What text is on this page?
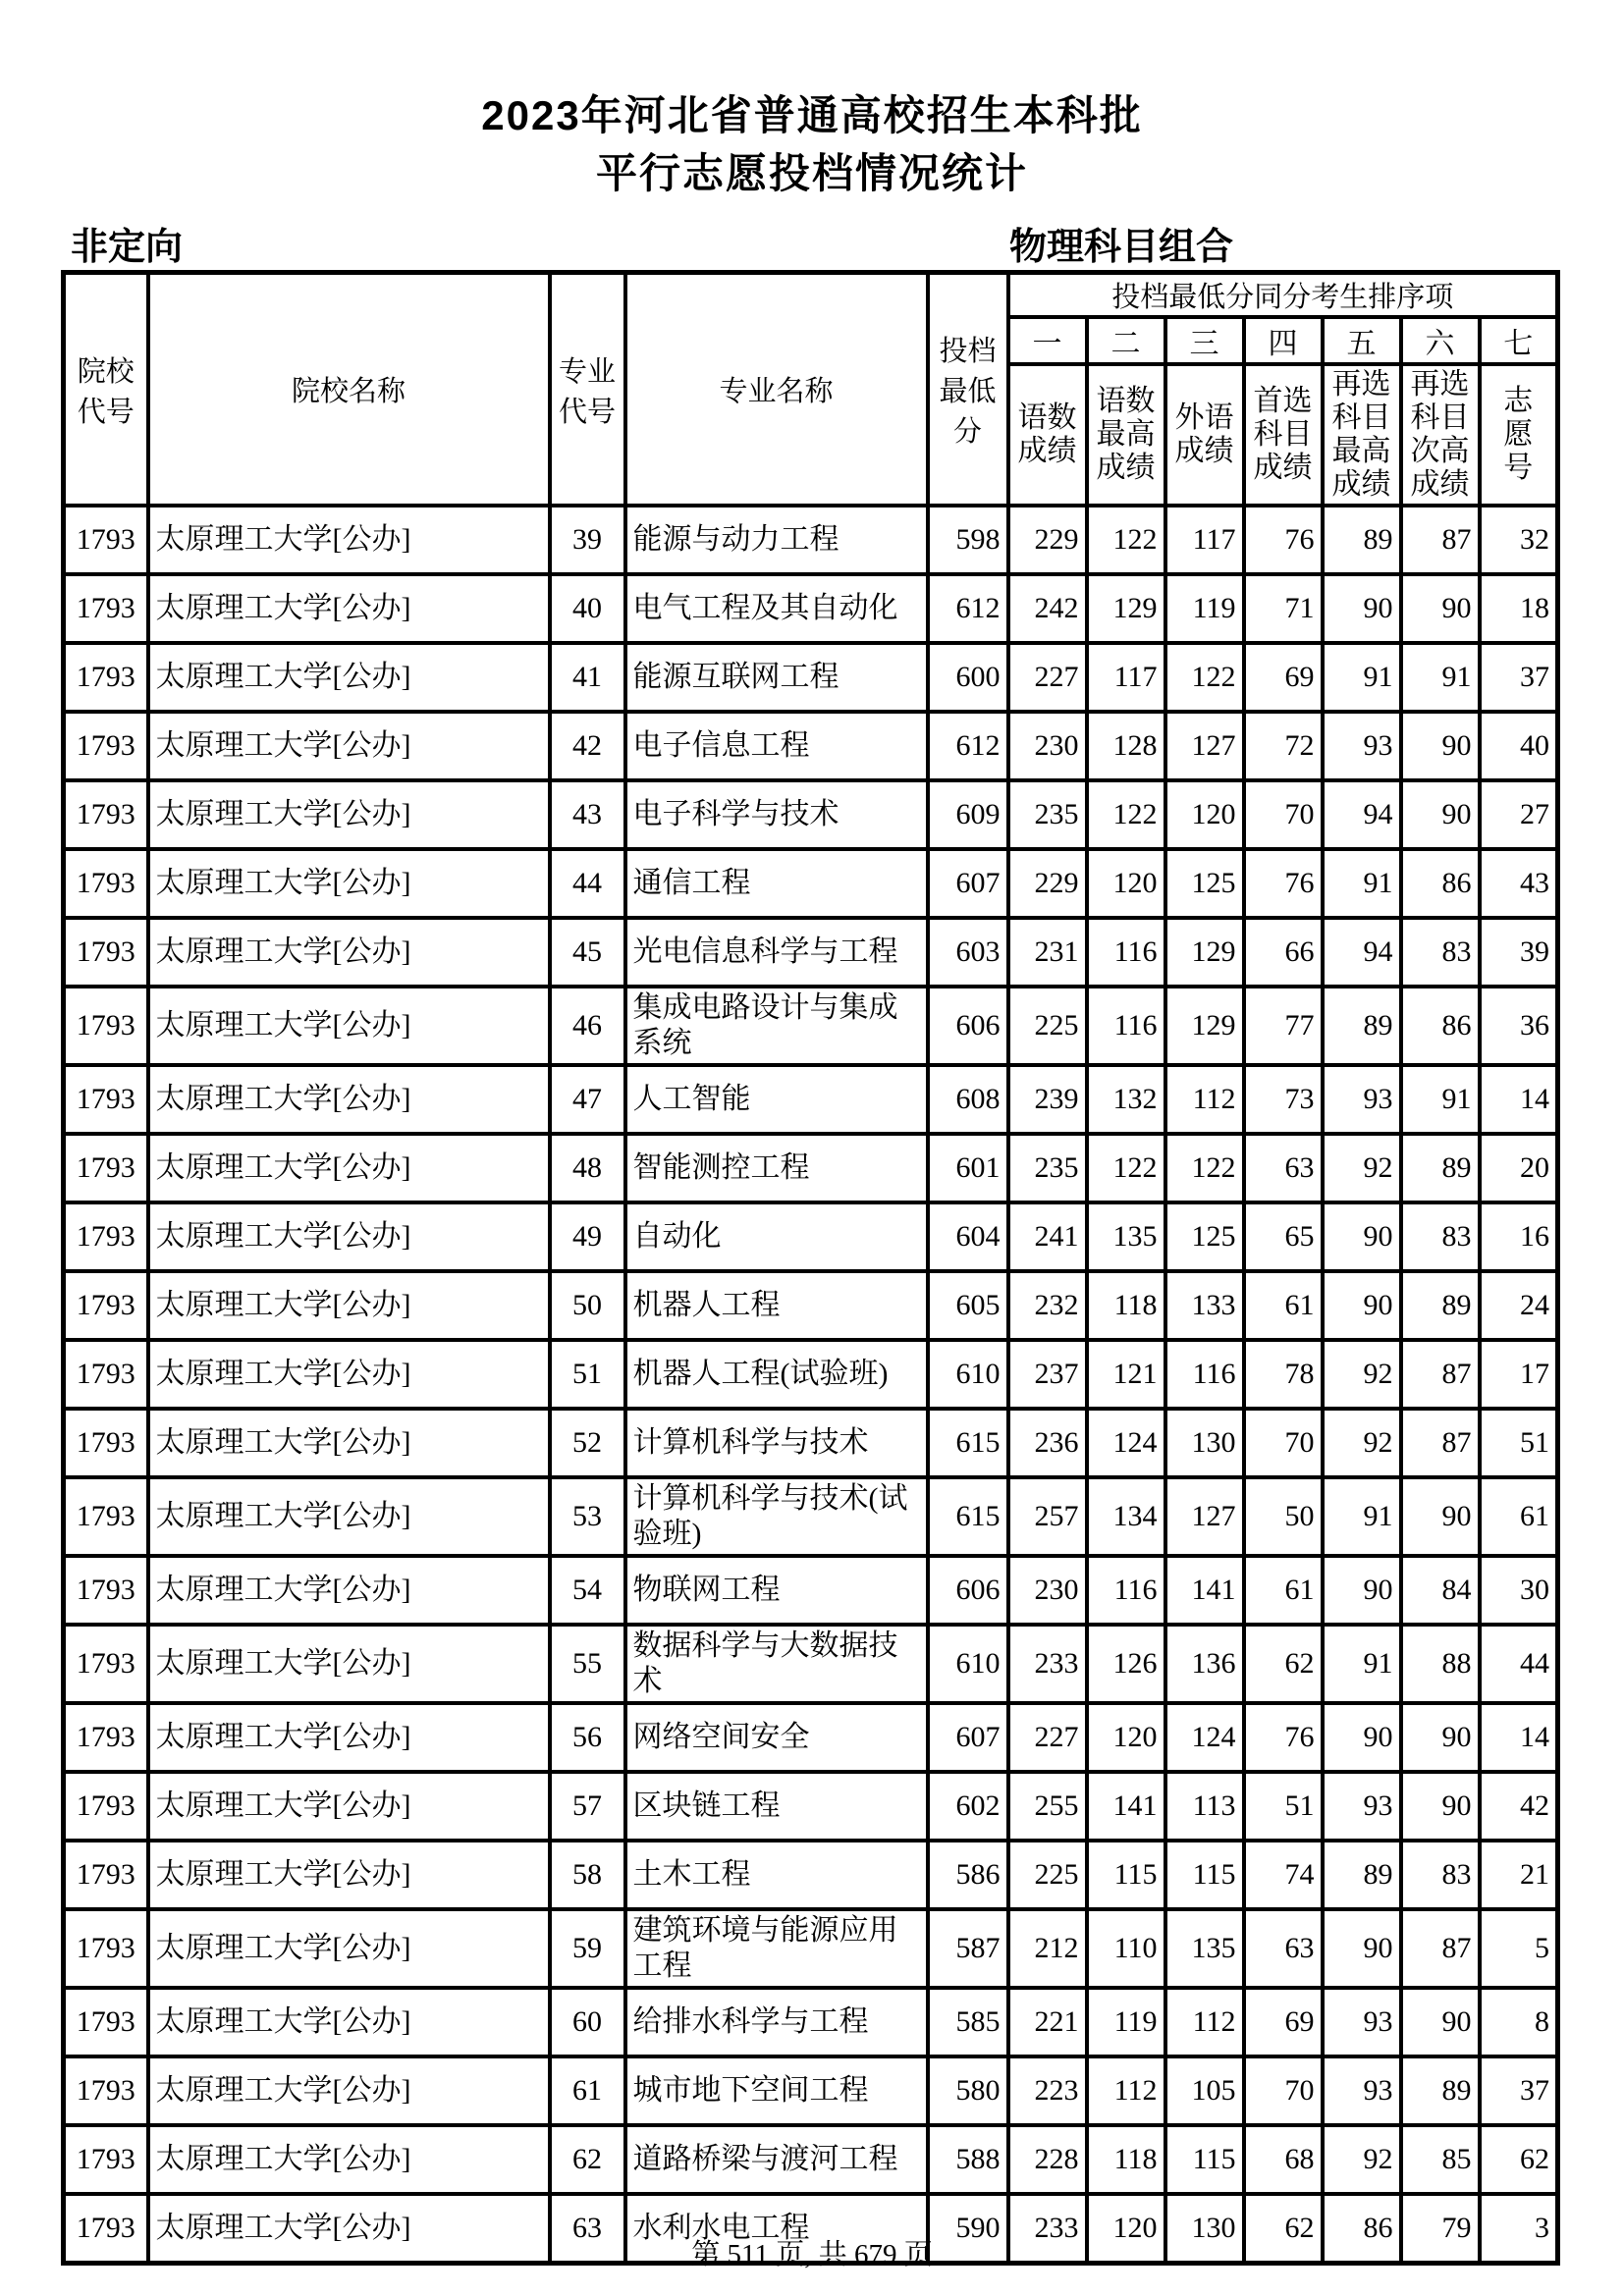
2023年河北省普通高校招生本科批
平行志愿投档情况统计
非定向	物理科目组合
院校代号	院校名称	专业代号	专业名称	投档最低分	投档最低分同分考生排序项						
					一	二	三	四	五	六	七
					语数成绩	语数最高成绩	外语成绩	首选科目成绩	再选科目最高成绩	再选科目次高成绩	志愿号
1793	太原理工大学[公办]	39	能源与动力工程	598	229	122	117	76	89	87	32
1793	太原理工大学[公办]	40	电气工程及其自动化	612	242	129	119	71	90	90	18
1793	太原理工大学[公办]	41	能源互联网工程	600	227	117	122	69	91	91	37
1793	太原理工大学[公办]	42	电子信息工程	612	230	128	127	72	93	90	40
1793	太原理工大学[公办]	43	电子科学与技术	609	235	122	120	70	94	90	27
1793	太原理工大学[公办]	44	通信工程	607	229	120	125	76	91	86	43
1793	太原理工大学[公办]	45	光电信息科学与工程	603	231	116	129	66	94	83	39
1793	太原理工大学[公办]	46	集成电路设计与集成系统	606	225	116	129	77	89	86	36
1793	太原理工大学[公办]	47	人工智能	608	239	132	112	73	93	91	14
1793	太原理工大学[公办]	48	智能测控工程	601	235	122	122	63	92	89	20
1793	太原理工大学[公办]	49	自动化	604	241	135	125	65	90	83	16
1793	太原理工大学[公办]	50	机器人工程	605	232	118	133	61	90	89	24
1793	太原理工大学[公办]	51	机器人工程(试验班)	610	237	121	116	78	92	87	17
1793	太原理工大学[公办]	52	计算机科学与技术	615	236	124	130	70	92	87	51
1793	太原理工大学[公办]	53	计算机科学与技术(试验班)	615	257	134	127	50	91	90	61
1793	太原理工大学[公办]	54	物联网工程	606	230	116	141	61	90	84	30
1793	太原理工大学[公办]	55	数据科学与大数据技术	610	233	126	136	62	91	88	44
1793	太原理工大学[公办]	56	网络空间安全	607	227	120	124	76	90	90	14
1793	太原理工大学[公办]	57	区块链工程	602	255	141	113	51	93	90	42
1793	太原理工大学[公办]	58	土木工程	586	225	115	115	74	89	83	21
1793	太原理工大学[公办]	59	建筑环境与能源应用工程	587	212	110	135	63	90	87	5
1793	太原理工大学[公办]	60	给排水科学与工程	585	221	119	112	69	93	90	8
1793	太原理工大学[公办]	61	城市地下空间工程	580	223	112	105	70	93	89	37
1793	太原理工大学[公办]	62	道路桥梁与渡河工程	588	228	118	115	68	92	85	62
1793	太原理工大学[公办]	63	水利水电工程	590	233	120	130	62	86	79	3
第 511 页, 共 679 页
